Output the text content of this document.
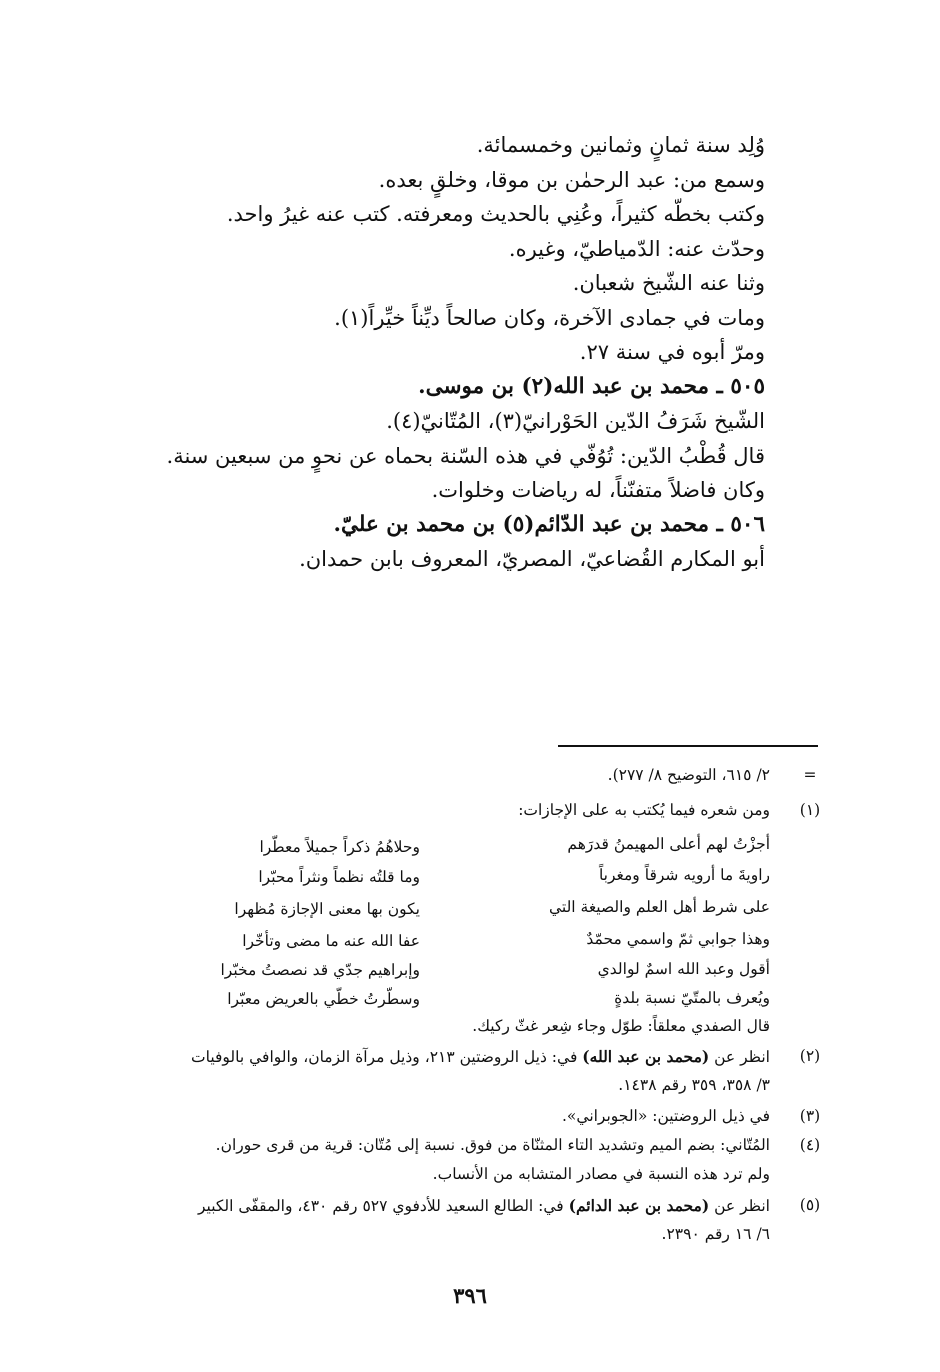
وُلِد سنة ثمانٍ وثمانين وخمسمائة.
وسمع من: عبد الرحمٰن بن موقا، وخلقٍ بعده.
وكتب بخطّه كثيراً، وعُنِي بالحديث ومعرفته. كتب عنه غيرُ واحد.
وحدّث عنه: الدّمياطيّ، وغيره.
وثنا عنه الشّيخ شعبان.
ومات في جمادى الآخرة، وكان صالحاً ديِّناً خيِّراً(١).
ومرّ أبوه في سنة ٢٧.
٥٠٥ ـ محمد بن عبد الله(٢) بن موسى.
الشّيخ شَرَفُ الدّين الحَوْرانيّ(٣)، المُتّانيّ(٤).
قال قُطْبُ الدّين: تُوُفّي في هذه السّنة بحماه عن نحوٍ من سبعين سنة.
وكان فاضلاً متفنّناً، له رياضات وخلوات.
٥٠٦ ـ محمد بن عبد الدّائم(٥) بن محمد بن عليّ.
أبو المكارم القُضاعيّ، المصريّ، المعروف بابن حمدان.
=
٢/ ٦١٥، التوضيح ٨/ ٢٧٧).
(١)
ومن شعره فيما يُكتب به على الإجازات:
أجزْتُ لهم أعلى المهيمنُ قدرَهم
راويةَ ما أرويه شرقاً ومغرباً
على شرط أهل العلم والصيغة التي
وهذا جوابي ثمّ واسمي محمّدٌ
أقول وعبد الله اسمٌ لوالدي
ويُعرف بالمتّيّ نسبة بلدةٍ
وحلاهُمُ ذكراً جميلاً معطّرا
وما قلتُه نظماً ونثراً محبّرا
يكون بها معنى الإجازة مُظهرا
عفا الله عنه ما مضى وتأخّرا
وإبراهيم جدّي قد نصصتُ مخبّرا
وسطّرتُ خطّي بالعريض معبّرا
قال الصفدي معلقاً: طوّل وجاء شِعر غثّ ركيك.
(٢)
انظر عن (محمد بن عبد الله) في: ذيل الروضتين ٢١٣، وذيل مرآة الزمان، والوافي بالوفيات
٣/ ٣٥٨، ٣٥٩ رقم ١٤٣٨.
(٣)
في ذيل الروضتين: «الجوبراني».
(٤)
المُتّاني: بضم الميم وتشديد التاء المثنّاة من فوق. نسبة إلى مُتّان: قرية من قرى حوران.
ولم ترد هذه النسبة في مصادر المتشابه من الأنساب.
(٥)
انظر عن (محمد بن عبد الدائم) في: الطالع السعيد للأدفوي ٥٢٧ رقم ٤٣٠، والمقفّى الكبير
٦/ ١٦ رقم ٢٣٩٠.
٣٩٦
